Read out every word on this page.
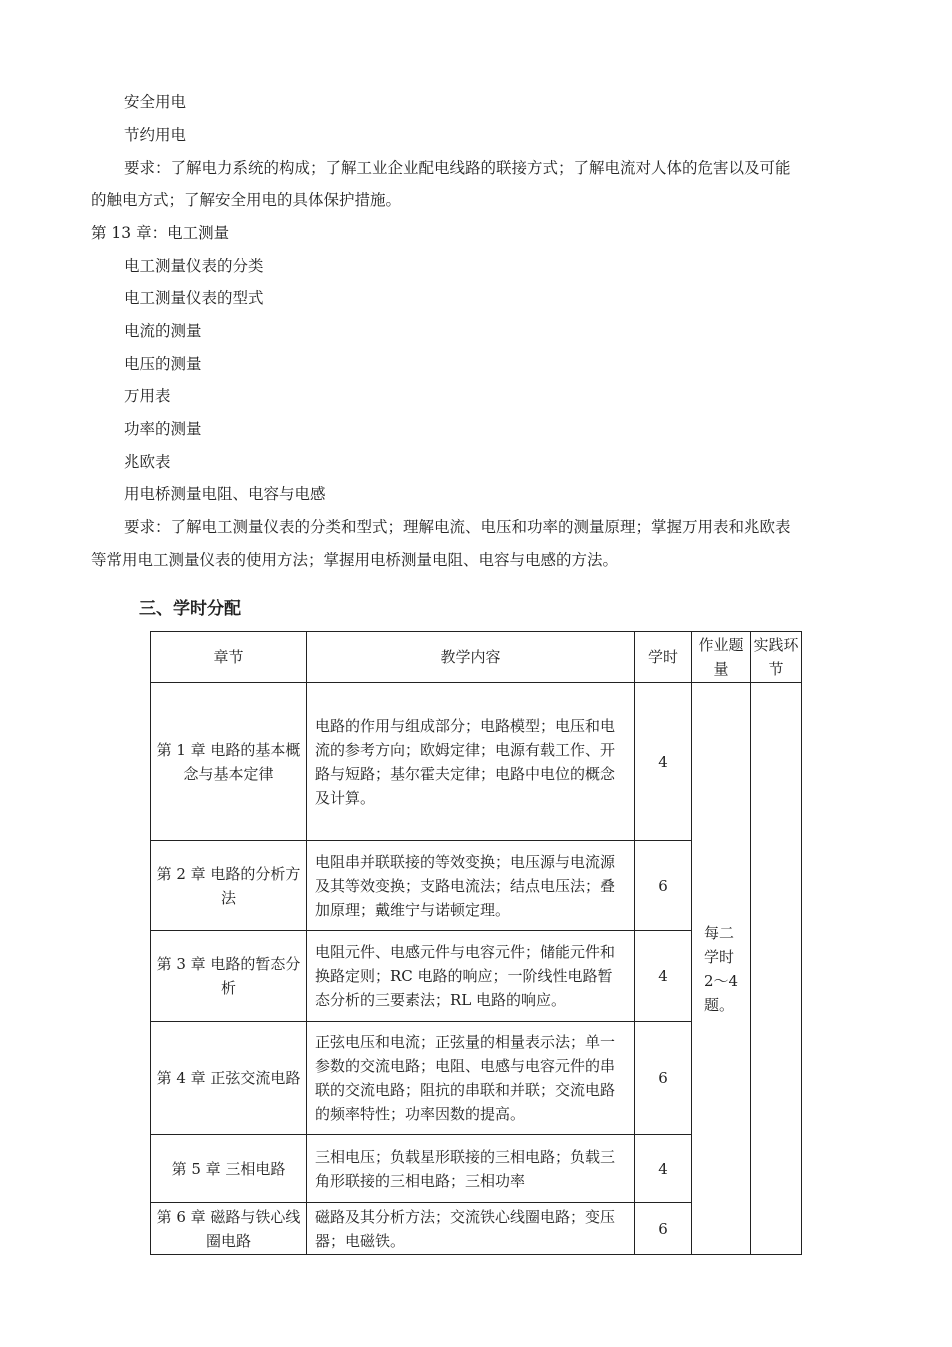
安全用电
节约用电
要求：了解电力系统的构成；了解工业企业配电线路的联接方式；了解电流对人体的危害以及可能
的触电方式；了解安全用电的具体保护措施。
第 13 章：电工测量
电工测量仪表的分类
电工测量仪表的型式
电流的测量
电压的测量
万用表
功率的测量
兆欧表
用电桥测量电阻、电容与电感
要求：了解电工测量仪表的分类和型式；理解电流、电压和功率的测量原理；掌握万用表和兆欧表
等常用电工测量仪表的使用方法；掌握用电桥测量电阻、电容与电感的方法。
三、学时分配
章节	教学内容	学时	作业题量	实践环节
第 1 章 电路的基本概念与基本定律	电路的作用与组成部分；电路模型；电压和电流的参考方向；欧姆定律；电源有载工作、开路与短路；基尔霍夫定律；电路中电位的概念及计算。	4	每二学时2～4题。	
第 2 章 电路的分析方法	电阻串并联联接的等效变换；电压源与电流源及其等效变换；支路电流法；结点电压法；叠加原理；戴维宁与诺顿定理。	6		
第 3 章 电路的暂态分析	电阻元件、电感元件与电容元件；储能元件和换路定则；RC 电路的响应；一阶线性电路暂态分析的三要素法；RL 电路的响应。	4		
第 4 章 正弦交流电路	正弦电压和电流；正弦量的相量表示法；单一参数的交流电路；电阻、电感与电容元件的串联的交流电路；阻抗的串联和并联；交流电路的频率特性；功率因数的提高。	6		
第 5 章 三相电路	三相电压；负载星形联接的三相电路；负载三角形联接的三相电路；三相功率	4		
第 6 章 磁路与铁心线圈电路	磁路及其分析方法；交流铁心线圈电路；变压器；电磁铁。	6		
